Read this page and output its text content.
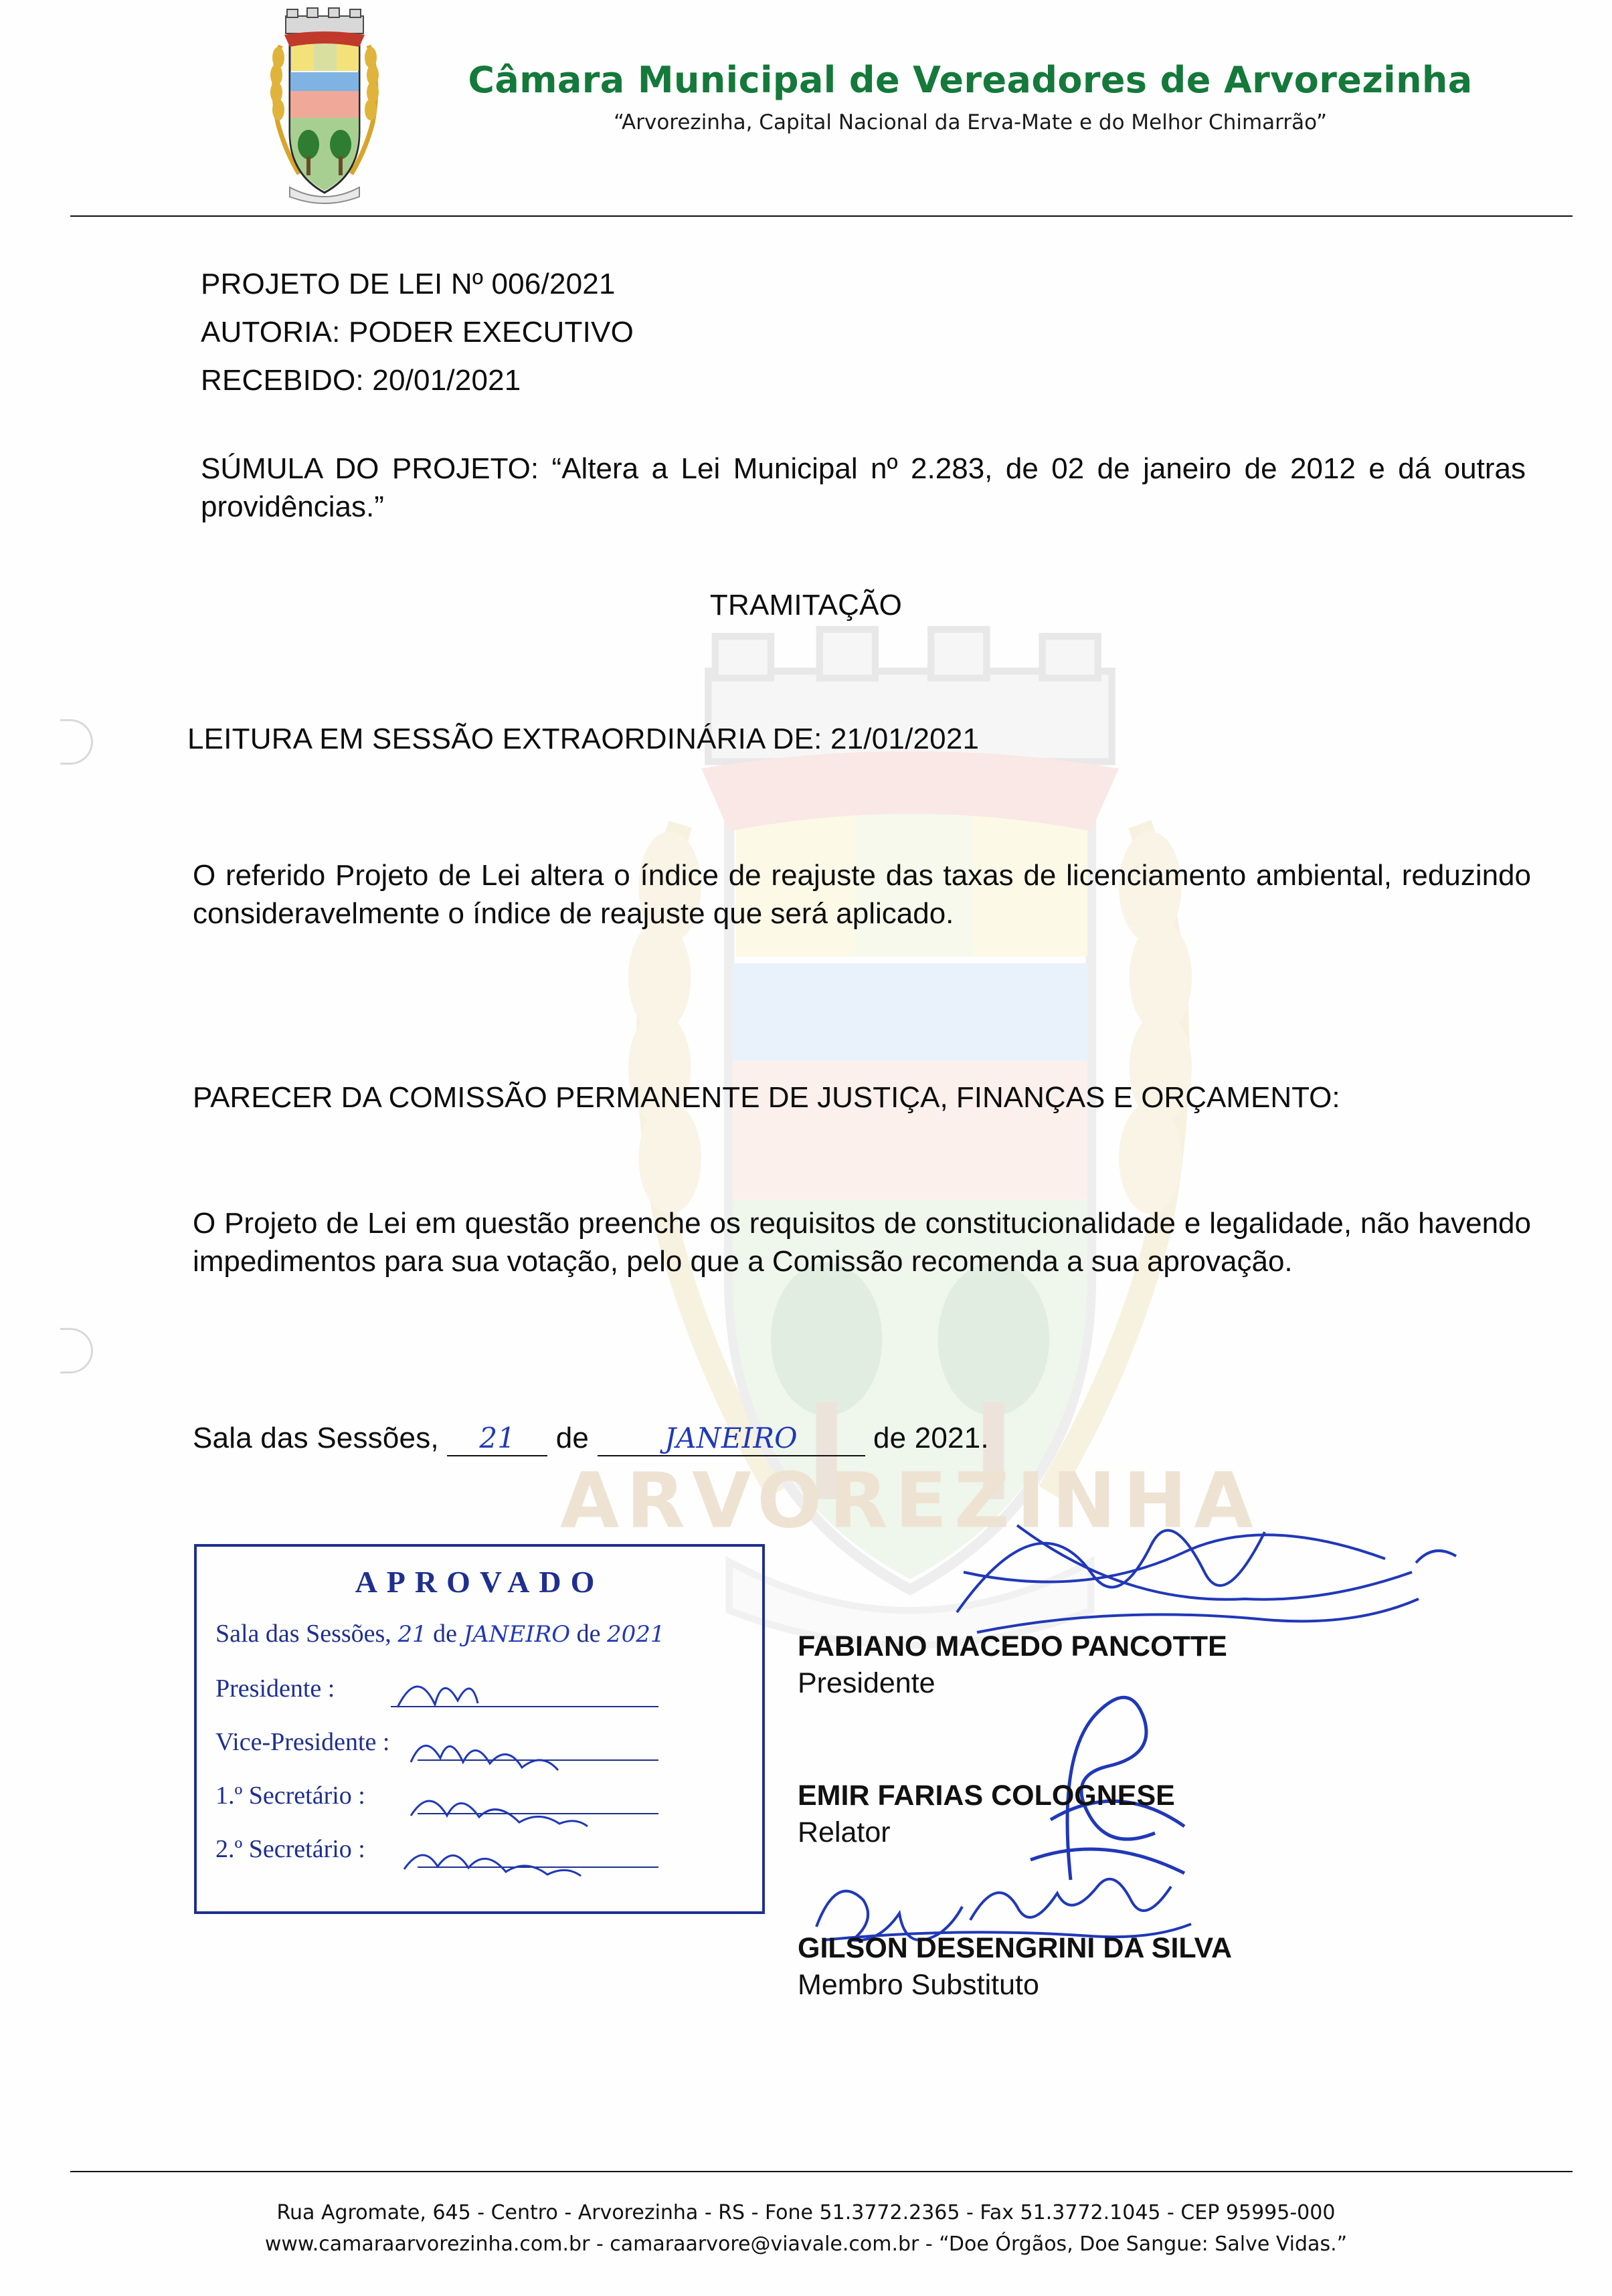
Câmara Municipal de Vereadores de Arvorezinha
“Arvorezinha, Capital Nacional da Erva-Mate e do Melhor Chimarrão”
ARVOREZINHA
PROJETO DE LEI Nº 006/2021
AUTORIA: PODER EXECUTIVO
RECEBIDO: 20/01/2021
SÚMULA DO PROJETO: “Altera a Lei Municipal nº 2.283, de 02 de janeiro de 2012 e dá outras providências.”
TRAMITAÇÃO
LEITURA EM SESSÃO EXTRAORDINÁRIA DE: 21/01/2021
O referido Projeto de Lei altera o índice de reajuste das taxas de licenciamento ambiental, reduzindo consideravelmente o índice de reajuste que será aplicado.
PARECER DA COMISSÃO PERMANENTE DE JUSTIÇA, FINANÇAS E ORÇAMENTO:
O Projeto de Lei em questão preenche os requisitos de constitucionalidade e legalidade, não havendo impedimentos para sua votação, pelo que a Comissão recomenda a sua aprovação.
Sala das Sessões, 21 de	JANEIRO	de 2021.
APROVADO
Sala das Sessões, 21 de JANEIRO de 2021
Presidente :
Vice-Presidente :
1.º Secretário :
2.º Secretário :
FABIANO MACEDO PANCOTTE
Presidente
EMIR FARIAS COLOGNESE
Relator
GILSON DESENGRINI DA SILVA
Membro Substituto
Rua Agromate, 645 - Centro - Arvorezinha - RS - Fone 51.3772.2365 - Fax 51.3772.1045 - CEP 95995-000
www.camaraarvorezinha.com.br - camaraarvore@viavale.com.br - “Doe Órgãos, Doe Sangue: Salve Vidas.”
